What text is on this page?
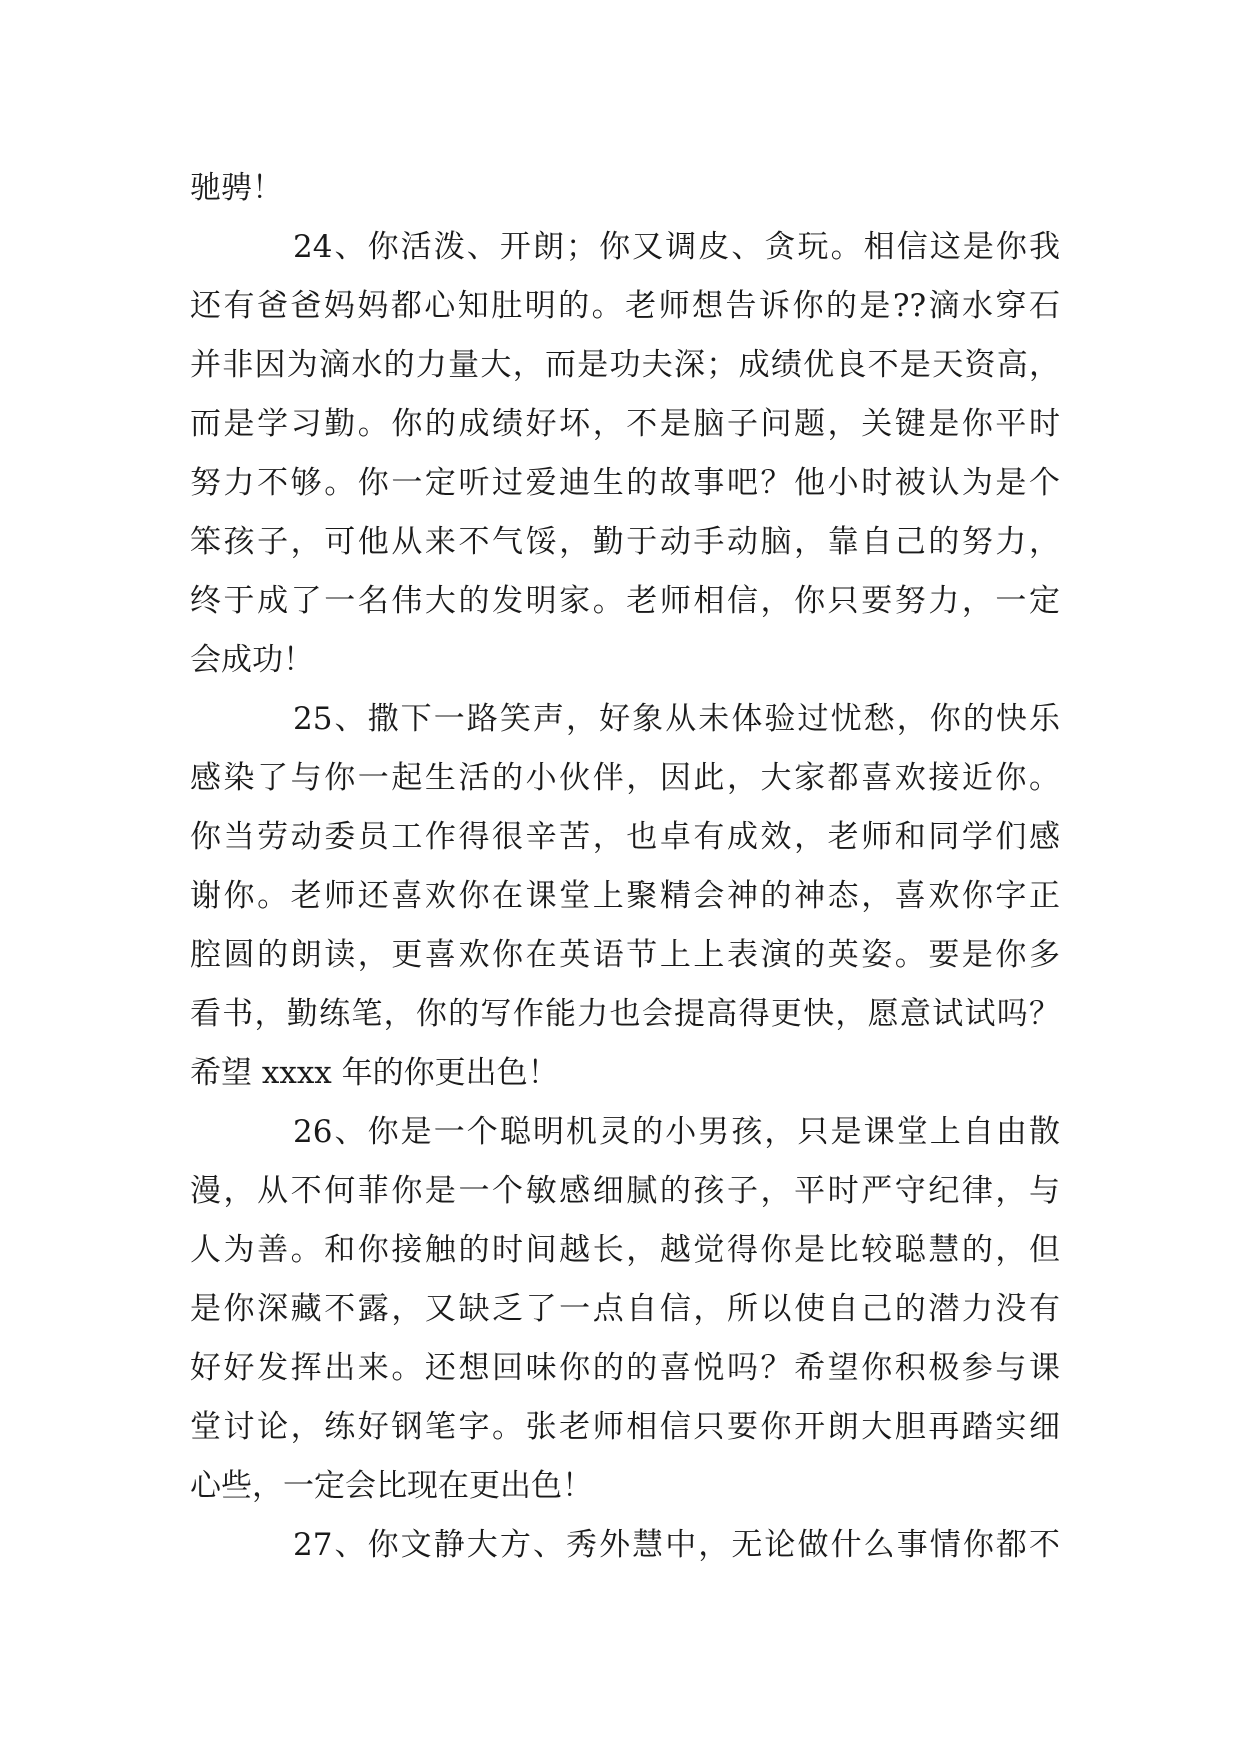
驰骋！
24、你活泼、开朗；你又调皮、贪玩。相信这是你我
还有爸爸妈妈都心知肚明的。老师想告诉你的是??滴水穿石
并非因为滴水的力量大，而是功夫深；成绩优良不是天资高，
而是学习勤。你的成绩好坏，不是脑子问题，关键是你平时
努力不够。你一定听过爱迪生的故事吧？他小时被认为是个
笨孩子，可他从来不气馁，勤于动手动脑，靠自己的努力，
终于成了一名伟大的发明家。老师相信，你只要努力，一定
会成功！
25、撒下一路笑声，好象从未体验过忧愁，你的快乐
感染了与你一起生活的小伙伴，因此，大家都喜欢接近你。
你当劳动委员工作得很辛苦，也卓有成效，老师和同学们感
谢你。老师还喜欢你在课堂上聚精会神的神态，喜欢你字正
腔圆的朗读，更喜欢你在英语节上上表演的英姿。要是你多
看书，勤练笔，你的写作能力也会提高得更快，愿意试试吗？
希望 xxxx 年的你更出色！
26、你是一个聪明机灵的小男孩，只是课堂上自由散
漫，从不何菲你是一个敏感细腻的孩子，平时严守纪律，与
人为善。和你接触的时间越长，越觉得你是比较聪慧的，但
是你深藏不露，又缺乏了一点自信，所以使自己的潜力没有
好好发挥出来。还想回味你的的喜悦吗？希望你积极参与课
堂讨论，练好钢笔字。张老师相信只要你开朗大胆再踏实细
心些，一定会比现在更出色！
27、你文静大方、秀外慧中，无论做什么事情你都不
